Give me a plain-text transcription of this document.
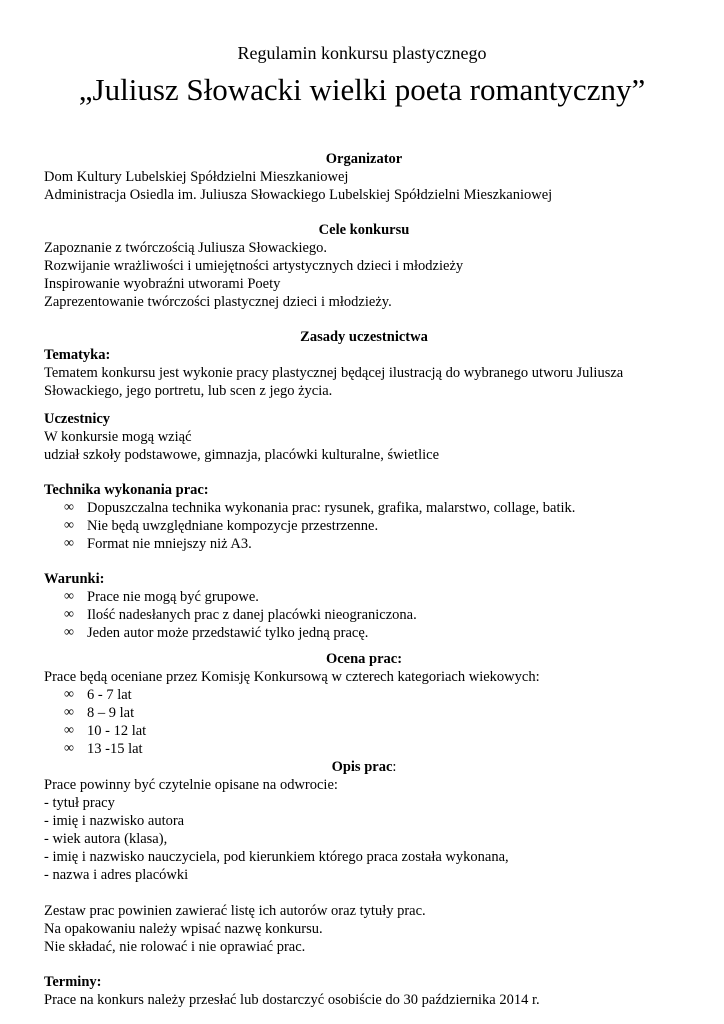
Regulamin konkursu plastycznego
„Juliusz Słowacki wielki poeta romantyczny”
Organizator
Dom Kultury Lubelskiej Spółdzielni Mieszkaniowej
Administracja Osiedla im. Juliusza Słowackiego Lubelskiej Spółdzielni Mieszkaniowej
Cele konkursu
Zapoznanie z twórczością Juliusza Słowackiego.
Rozwijanie wrażliwości i umiejętności artystycznych dzieci i młodzieży
Inspirowanie wyobraźni utworami Poety
Zaprezentowanie twórczości plastycznej dzieci i młodzieży.
Zasady uczestnictwa
Tematyka:
Tematem konkursu jest wykonie pracy plastycznej będącej ilustracją do wybranego utworu Juliusza
Słowackiego, jego portretu, lub scen z jego życia.
Uczestnicy
W konkursie mogą wziąć
udział szkoły podstawowe, gimnazja, placówki kulturalne, świetlice
Technika wykonania prac:
∞ Dopuszczalna technika wykonania prac: rysunek, grafika, malarstwo, collage, batik.
∞ Nie będą uwzględniane kompozycje przestrzenne.
∞ Format nie mniejszy niż A3.
Warunki:
∞ Prace nie mogą być grupowe.
∞ Ilość nadesłanych prac z danej placówki nieograniczona.
∞ Jeden autor może przedstawić tylko jedną pracę.
Ocena prac:
Prace będą oceniane przez Komisję Konkursową w czterech kategoriach wiekowych:
∞ 6 - 7 lat
∞ 8 – 9 lat
∞ 10 - 12 lat
∞ 13 -15 lat
Opis prac:
Prace powinny być czytelnie opisane na odwrocie:
- tytuł pracy
- imię i nazwisko autora
- wiek autora (klasa),
- imię i nazwisko nauczyciela, pod kierunkiem którego praca została wykonana,
- nazwa i adres placówki
Zestaw prac powinien zawierać listę ich autorów oraz tytuły prac.
Na opakowaniu należy wpisać nazwę konkursu.
Nie składać, nie rolować i nie oprawiać prac.
Terminy:
Prace na konkurs należy przesłać lub dostarczyć osobiście do 30 października 2014 r.
